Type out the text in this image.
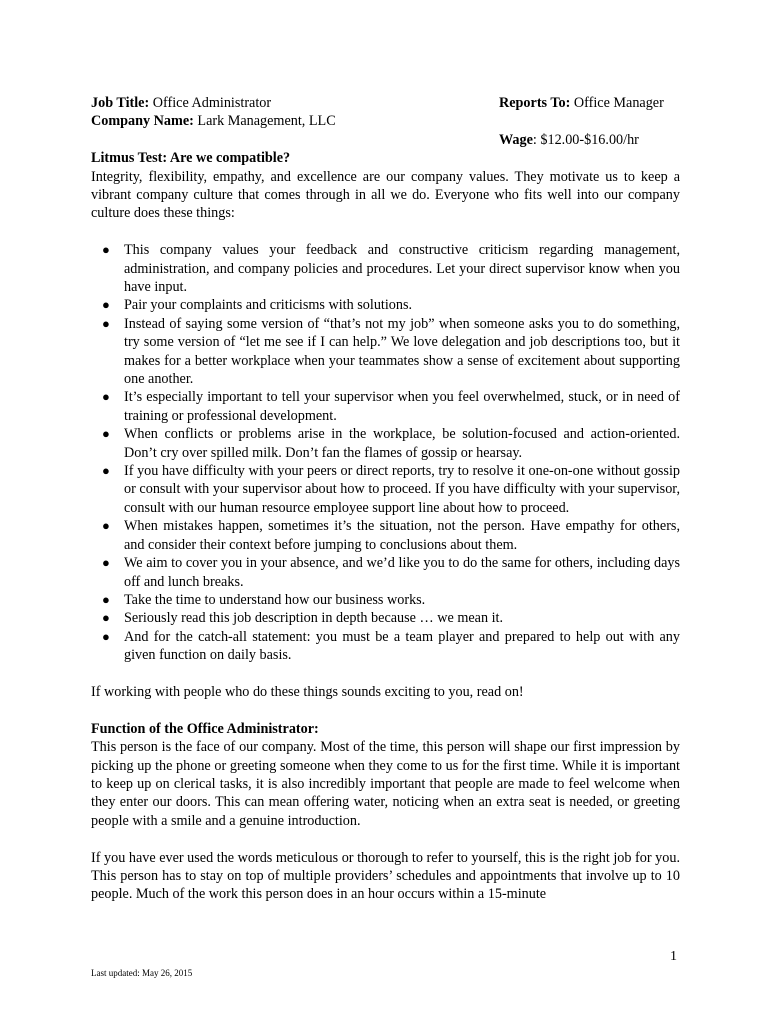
Job Title: Office Administrator	Reports To: Office Manager
Company Name: Lark Management, LLC
Wage: $12.00-$16.00/hr

Litmus Test: Are we compatible?

Integrity, flexibility, empathy, and excellence are our company values. They motivate us to keep a vibrant company culture that comes through in all we do. Everyone who fits well into our company culture does these things:

● This company values your feedback and constructive criticism regarding management, administration, and company policies and procedures. Let your direct supervisor know when you have input.
● Pair your complaints and criticisms with solutions.
● Instead of saying some version of “that’s not my job” when someone asks you to do something, try some version of “let me see if I can help.” We love delegation and job descriptions too, but it makes for a better workplace when your teammates show a sense of excitement about supporting one another.
● It’s especially important to tell your supervisor when you feel overwhelmed, stuck, or in need of training or professional development.
● When conflicts or problems arise in the workplace, be solution-focused and action-oriented. Don’t cry over spilled milk. Don’t fan the flames of gossip or hearsay.
● If you have difficulty with your peers or direct reports, try to resolve it one-on-one without gossip or consult with your supervisor about how to proceed. If you have difficulty with your supervisor, consult with our human resource employee support line about how to proceed.
● When mistakes happen, sometimes it’s the situation, not the person. Have empathy for others, and consider their context before jumping to conclusions about them.
● We aim to cover you in your absence, and we’d like you to do the same for others, including days off and lunch breaks.
● Take the time to understand how our business works.
● Seriously read this job description in depth because … we mean it.
● And for the catch-all statement: you must be a team player and prepared to help out with any given function on daily basis.

If working with people who do these things sounds exciting to you, read on!

Function of the Office Administrator:

This person is the face of our company. Most of the time, this person will shape our first impression by picking up the phone or greeting someone when they come to us for the first time. While it is important to keep up on clerical tasks, it is also incredibly important that people are made to feel welcome when they enter our doors. This can mean offering water, noticing when an extra seat is needed, or greeting people with a smile and a genuine introduction.

If you have ever used the words meticulous or thorough to refer to yourself, this is the right job for you. This person has to stay on top of multiple providers’ schedules and appointments that involve up to 10 people. Much of the work this person does in an hour occurs within a 15-minute

1
Last updated: May 26, 2015
